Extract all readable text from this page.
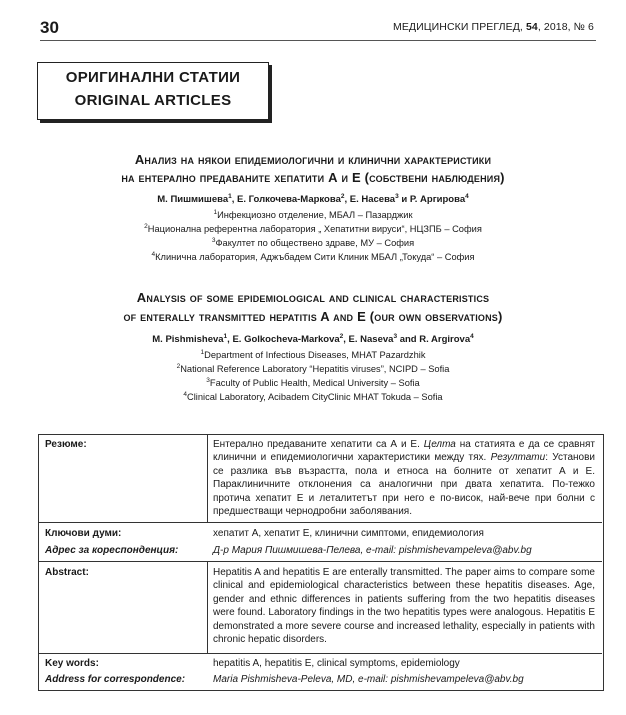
30	МЕДИЦИНСКИ ПРЕГЛЕД, 54, 2018, № 6
ОРИГИНАЛНИ СТАТИИ
ORIGINAL ARTICLES
Анализ на някои епидемиологични и клинични характеристики
на ентерално предаваните хепатити А и Е (собствени наблюдения)
М. Пишмишева$^1$, Е. Голкочева-Маркова$^2$, Е. Насева$^3$ и Р. Аргирова$^4$
$^1$Инфекциозно отделение, МБАЛ – Пазарджик
$^2$Национална референтна лаборатория „ Хепатитни вируси“, НЦЗПБ – София
$^3$Факултет по обществено здраве, МУ – София
$^4$Клинична лаборатория, Аджъбадем Сити Клиник МБАЛ „Токуда“ – София
Analysis of some epidemiological and clinical characteristics
of enterally transmitted hepatitis A and E (our own observations)
M. Pishmisheva$^1$, E. Golkocheva-Markova$^2$, E. Naseva$^3$ and R. Argirova$^4$
$^1$Department of Infectious Diseases, MHAT Pazardzhik
$^2$National Reference Laboratory “Hepatitis viruses”, NCIPD – Sofia
$^3$Faculty of Public Health, Medical University – Sofia
$^4$Clinical Laboratory, Acibadem CityClinic MHAT Tokuda – Sofia
Резюме:	Ентерално предаваните хепатити са А и Е. Целта на статията е да се сравнят клинични и епидемиологични характеристики между тях. Резултати: Установи се разлика във възрастта, пола и етноса на болните от хепатит А и Е. Параклиничните отклонения са аналогични при двата хепатита. По-тежко протича хепатит Е и леталитетът при него е по-висок, най-вече при болни с предшестващи чернодробни заболявания.
Ключови думи:	хепатит А, хепатит Е, клинични симптоми, епидемиология
Адрес за кореспонденция:	Д-р Мария Пишмишева-Пелева, e-mail: pishmishevampeleva@abv.bg
Abstract:	Hepatitis A and hepatitis E are enterally transmitted. The paper aims to compare some clinical and epidemiological characteristics between these hepatitis diseases. Age, gender and ethnic differences in patients suffering from the two hepatitis diseases were found. Laboratory findings in the two hepatitis types were analogous. Hepatitis E demonstrated a more severe course and increased lethality, especially in patients with chronic hepatic disorders.
Key words:	hepatitis A, hepatitis E, clinical symptoms, epidemiology
Address for correspondence:	Maria Pishmisheva-Peleva, MD, e-mail: pishmishevampeleva@abv.bg
